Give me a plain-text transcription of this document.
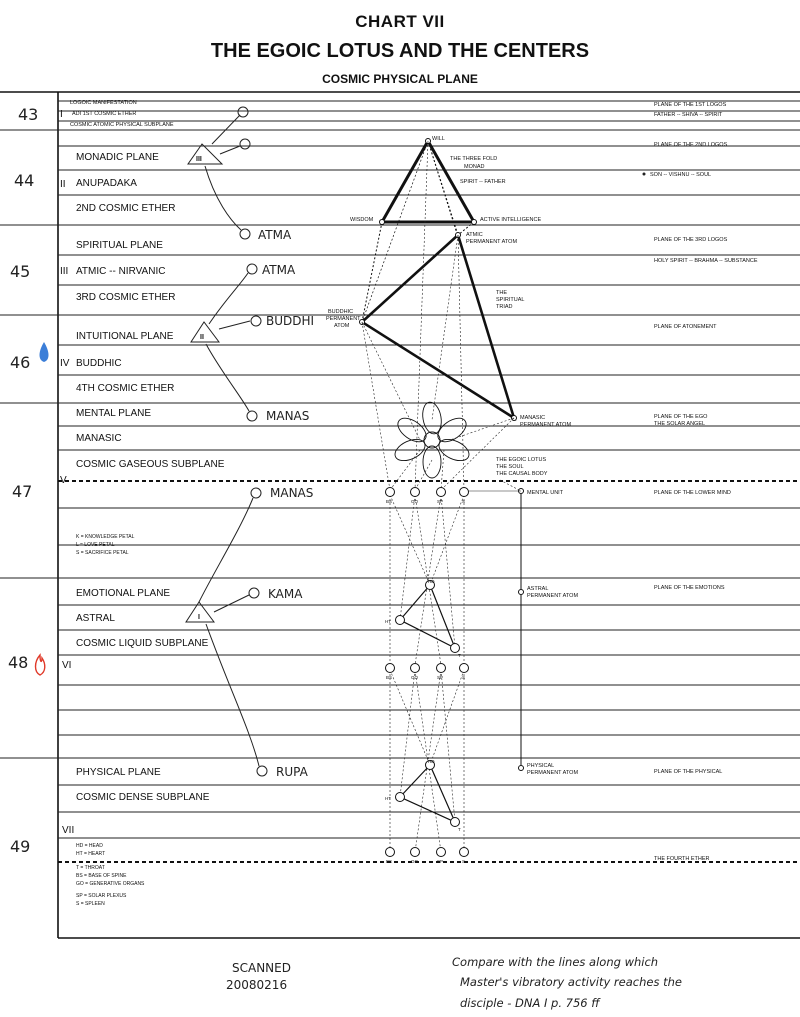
CHART VII
THE EGOIC LOTUS AND THE CENTERS
COSMIC PHYSICAL PLANE
43
44
45
46
47
48
49
I
II
III
IV
V
VI
VII
LOGOIC MANIFESTATION
ADI 1ST COSMIC ETHER
COSMIC ATOMIC PHYSICAL SUBPLANE
MONADIC PLANE
ANUPADAKA
2ND COSMIC ETHER
SPIRITUAL PLANE
ATMIC -- NIRVANIC
3RD COSMIC ETHER
INTUITIONAL PLANE
BUDDHIC
4TH COSMIC ETHER
MENTAL PLANE
MANASIC
COSMIC GASEOUS SUBPLANE
EMOTIONAL PLANE
ASTRAL
COSMIC LIQUID SUBPLANE
PHYSICAL PLANE
COSMIC DENSE SUBPLANE
K = KNOWLEDGE PETAL
L = LOVE PETAL
S = SACRIFICE PETAL
HD = HEAD
HT = HEART
T = THROAT
BS = BASE OF SPINE
GO = GENERATIVE ORGANS
SP = SOLAR PLEXUS
S = SPLEEN
PLANE OF THE 1ST LOGOS
FATHER -- SHIVA -- SPIRIT
PLANE OF THE 2ND LOGOS
SON -- VISHNU -- SOUL
PLANE OF THE 3RD LOGOS
HOLY SPIRIT -- BRAHMA -- SUBSTANCE
PLANE OF ATONEMENT
PLANE OF THE EGO
THE SOLAR ANGEL
PLANE OF THE LOWER MIND
PLANE OF THE EMOTIONS
PLANE OF THE PHYSICAL
THE FOURTH ETHER
III
II
I
ATMA
ATMA
BUDDHI
MANAS
MANAS
KAMA
RUPA
WILL
THE THREE FOLD
MONAD
SPIRIT -- FATHER
WISDOM	ACTIVE INTELLIGENCE
ATMIC
PERMANENT ATOM
THE
SPIRITUAL
TRIAD
BUDDHIC
PERMANENT
ATOM
MANASIC
PERMANENT ATOM
THE EGOIC LOTUS
THE SOUL
THE CAUSAL BODY
MENTAL UNIT
ASTRAL
PERMANENT ATOM
PHYSICAL
PERMANENT ATOM
HD
HT
T
HD
HT
T
BS	GO	SP	S
BS	GO	SP	S
BS	GO	SP	S
SCANNED
20080216
Compare with the lines along which
Master's vibratory activity reaches the
disciple - DNA I p. 756 ff
